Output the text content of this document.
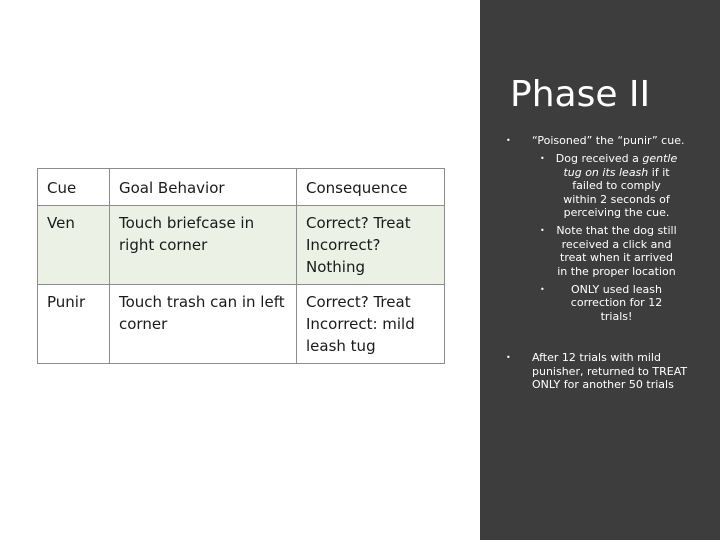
Cue	Goal Behavior	Consequence
Ven	Touch briefcase in right corner	Correct? Treat Incorrect? Nothing
Punir	Touch trash can in left corner	Correct? Treat Incorrect: mild leash tug
Phase II
• “Poisoned” the “punir” cue.
• Dog received a gentle tug on its leash if it failed to comply within 2 seconds of perceiving the cue.
• Note that the dog still received a click and treat when it arrived in the proper location
• ONLY used leash correction for 12 trials!
• After 12 trials with mild punisher, returned to TREAT ONLY for another 50 trials
